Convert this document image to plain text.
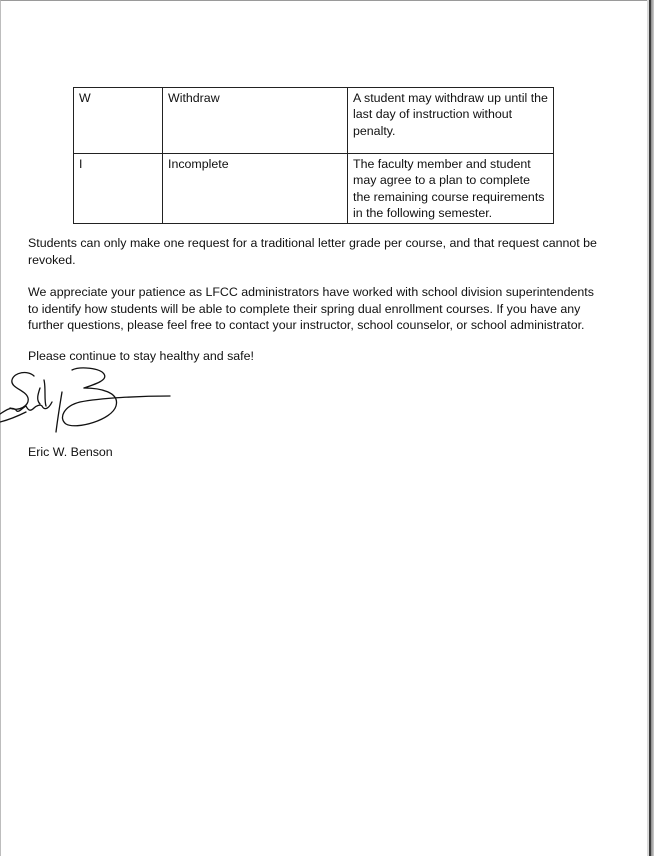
W	Withdraw	A student may withdraw up until the last day of instruction without penalty.
I	Incomplete	The faculty member and student may agree to a plan to complete the remaining course requirements in the following semester.

Students can only make one request for a traditional letter grade per course, and that request cannot be revoked.

We appreciate your patience as LFCC administrators have worked with school division superintendents to identify how students will be able to complete their spring dual enrollment courses. If you have any further questions, please feel free to contact your instructor, school counselor, or school administrator.

Please continue to stay healthy and safe!

Eric W. Benson
